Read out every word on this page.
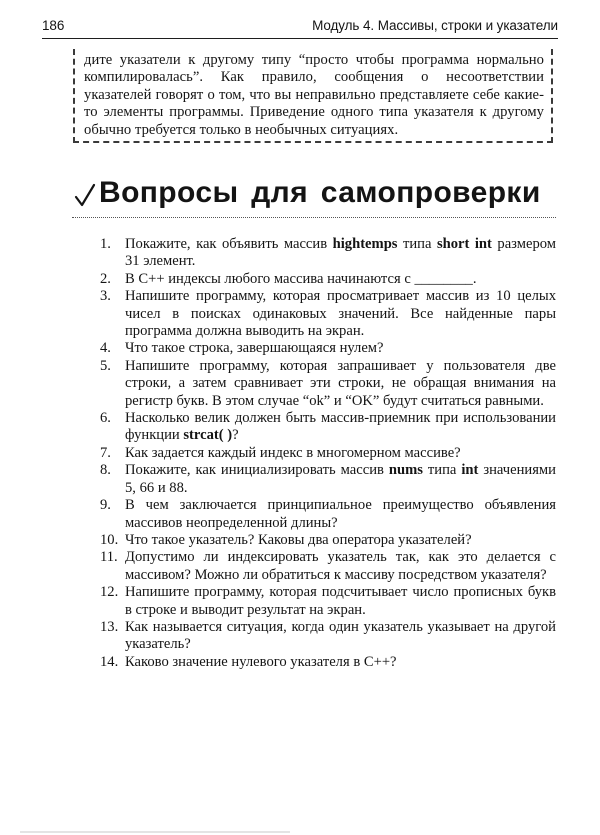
186	Модуль 4. Массивы, строки и указатели
дите указатели к другому типу “просто чтобы программа нормально компилировалась”. Как правило, сообщения о несоответствии указателей говорят о том, что вы неправильно представляете себе какие-то элементы программы. Приведение одного типа указателя к другому обычно требуется только в необычных ситуациях.
Вопросы для самопроверки
1. Покажите, как объявить массив hightemps типа short int размером 31 элемент.
2. В C++ индексы любого массива начинаются с ________.
3. Напишите программу, которая просматривает массив из 10 целых чисел в поисках одинаковых значений. Все найденные пары программа должна выводить на экран.
4. Что такое строка, завершающаяся нулем?
5. Напишите программу, которая запрашивает у пользователя две строки, а затем сравнивает эти строки, не обращая внимания на регистр букв. В этом случае “ok” и “OK” будут считаться равными.
6. Насколько велик должен быть массив-приемник при использовании функции strcat( )?
7. Как задается каждый индекс в многомерном массиве?
8. Покажите, как инициализировать массив nums типа int значениями 5, 66 и 88.
9. В чем заключается принципиальное преимущество объявления массивов неопределенной длины?
10. Что такое указатель? Каковы два оператора указателей?
11. Допустимо ли индексировать указатель так, как это делается с массивом? Можно ли обратиться к массиву посредством указателя?
12. Напишите программу, которая подсчитывает число прописных букв в строке и выводит результат на экран.
13. Как называется ситуация, когда один указатель указывает на другой указатель?
14. Каково значение нулевого указателя в C++?
